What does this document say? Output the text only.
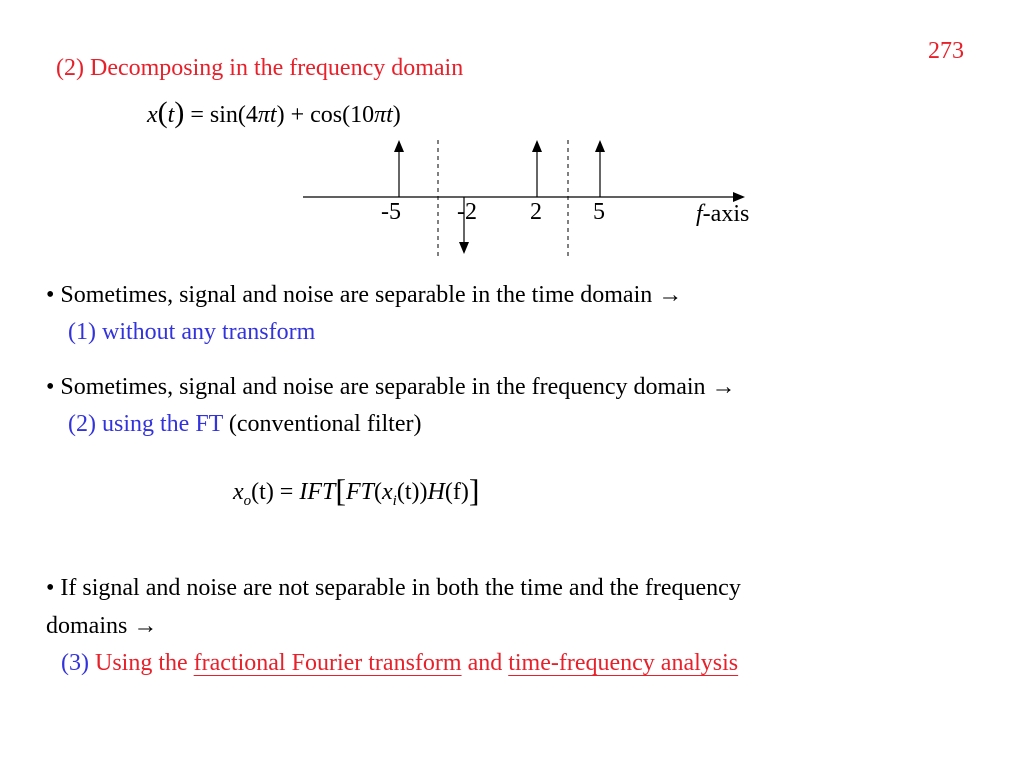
273
(2) Decomposing in the frequency domain
x(t) = sin(4πt) + cos(10πt)
-5 -2 2 5	f-axis
• Sometimes, signal and noise are separable in the time domain →
(1) without any transform
• Sometimes, signal and noise are separable in the frequency domain →
(2) using the FT (conventional filter)
$x_o(t) = IFT[FT(x_i(t))H(f)]$
• If signal and noise are not separable in both the time and the frequency
domains →
(3) Using the fractional Fourier transform and time-frequency analysis
